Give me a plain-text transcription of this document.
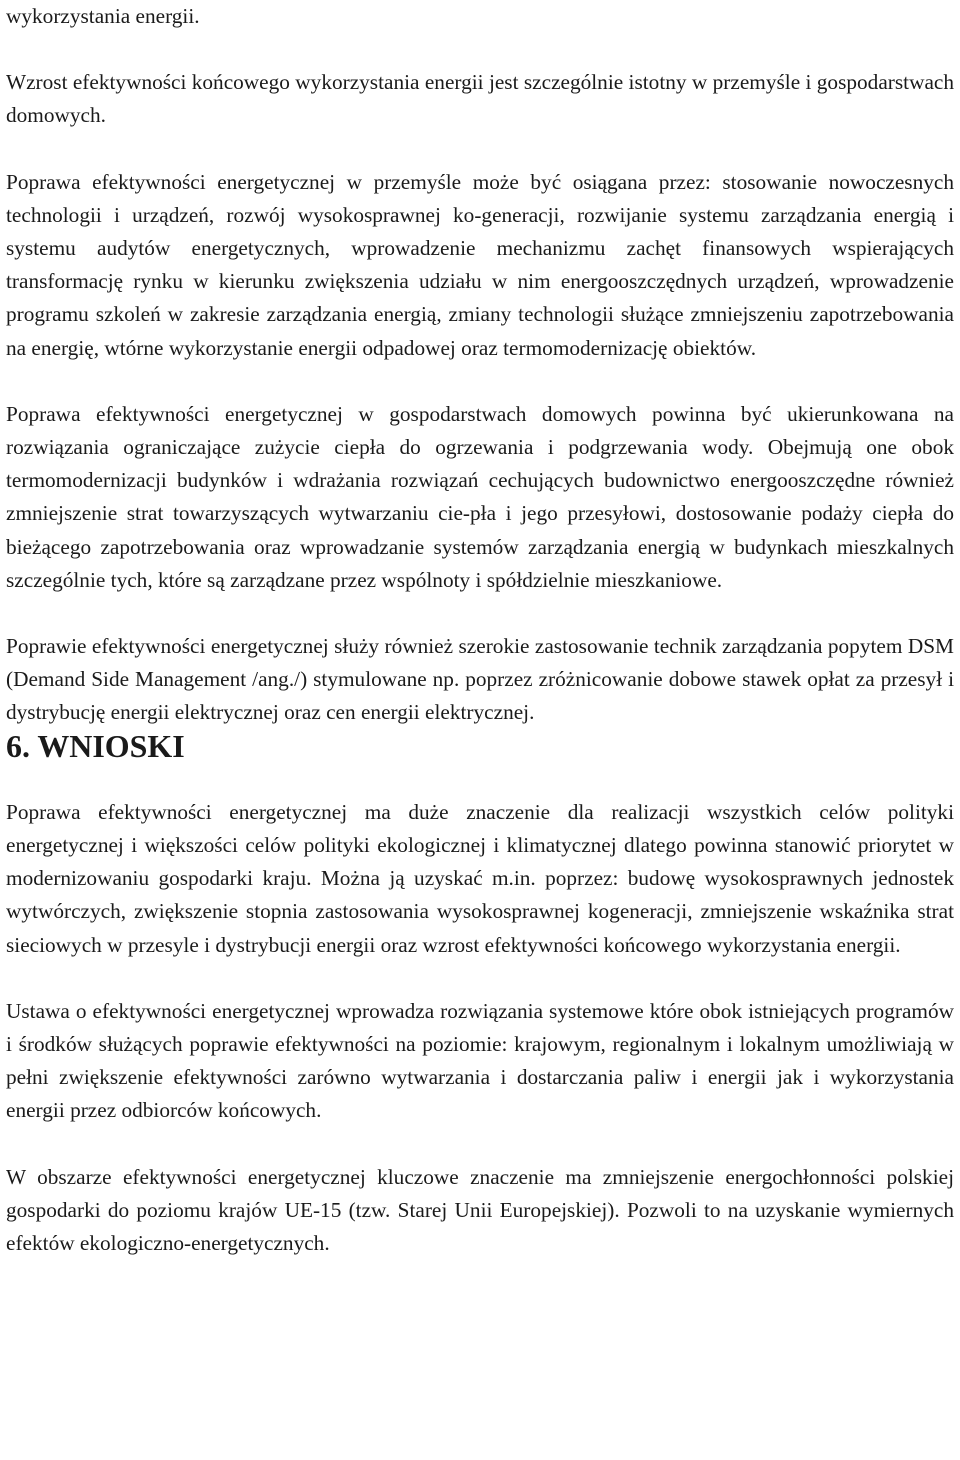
wykorzystania energii.

Wzrost efektywności końcowego wykorzystania energii jest szczególnie istotny w przemyśle i gospodarstwach domowych.

Poprawa efektywności energetycznej w przemyśle może być osiągana przez: stosowanie nowoczesnych technologii i urządzeń, rozwój wysokosprawnej ko-generacji, rozwijanie systemu zarządzania energią i systemu audytów energetycznych, wprowadzenie mechanizmu zachęt finansowych wspierających transformację rynku w kierunku zwiększenia udziału w nim energooszczędnych urządzeń, wprowadzenie programu szkoleń w zakresie zarządzania energią, zmiany technologii służące zmniejszeniu zapotrzebowania na energię, wtórne wykorzystanie energii odpadowej oraz termomodernizację obiektów.

Poprawa efektywności energetycznej w gospodarstwach domowych powinna być ukierunkowana na rozwiązania ograniczające zużycie ciepła do ogrzewania i podgrzewania wody. Obejmują one obok termomodernizacji budynków i wdrażania rozwiązań cechujących budownictwo energooszczędne również zmniejszenie strat towarzyszących wytwarzaniu cie-pła i jego przesyłowi, dostosowanie podaży ciepła do bieżącego zapotrzebowania oraz wprowadzanie systemów zarządzania energią w budynkach mieszkalnych szczególnie tych, które są zarządzane przez wspólnoty i spółdzielnie mieszkaniowe.

Poprawie efektywności energetycznej służy również szerokie zastosowanie technik zarządzania popytem DSM (Demand Side Management /ang./) stymulowane np. poprzez zróżnicowanie dobowe stawek opłat za przesył i dystrybucję energii elektrycznej oraz cen energii elektrycznej.

6. WNIOSKI

Poprawa efektywności energetycznej ma duże znaczenie dla realizacji wszystkich celów polityki energetycznej i większości celów polityki ekologicznej i klimatycznej dlatego powinna stanowić priorytet w modernizowaniu gospodarki kraju. Można ją uzyskać m.in. poprzez: budowę wysokosprawnych jednostek wytwórczych, zwiększenie stopnia zastosowania wysokosprawnej kogeneracji, zmniejszenie wskaźnika strat sieciowych w przesyle i dystrybucji energii oraz wzrost efektywności końcowego wykorzystania energii.

Ustawa o efektywności energetycznej wprowadza rozwiązania systemowe które obok istniejących programów i środków służących poprawie efektywności na poziomie: krajowym, regionalnym i lokalnym umożliwiają w pełni zwiększenie efektywności zarówno wytwarzania i dostarczania paliw i energii jak i wykorzystania energii przez odbiorców końcowych.

W obszarze efektywności energetycznej kluczowe znaczenie ma zmniejszenie energochłonności polskiej gospodarki do poziomu krajów UE-15 (tzw. Starej Unii Europejskiej). Pozwoli to na uzyskanie wymiernych efektów ekologiczno-energetycznych.
